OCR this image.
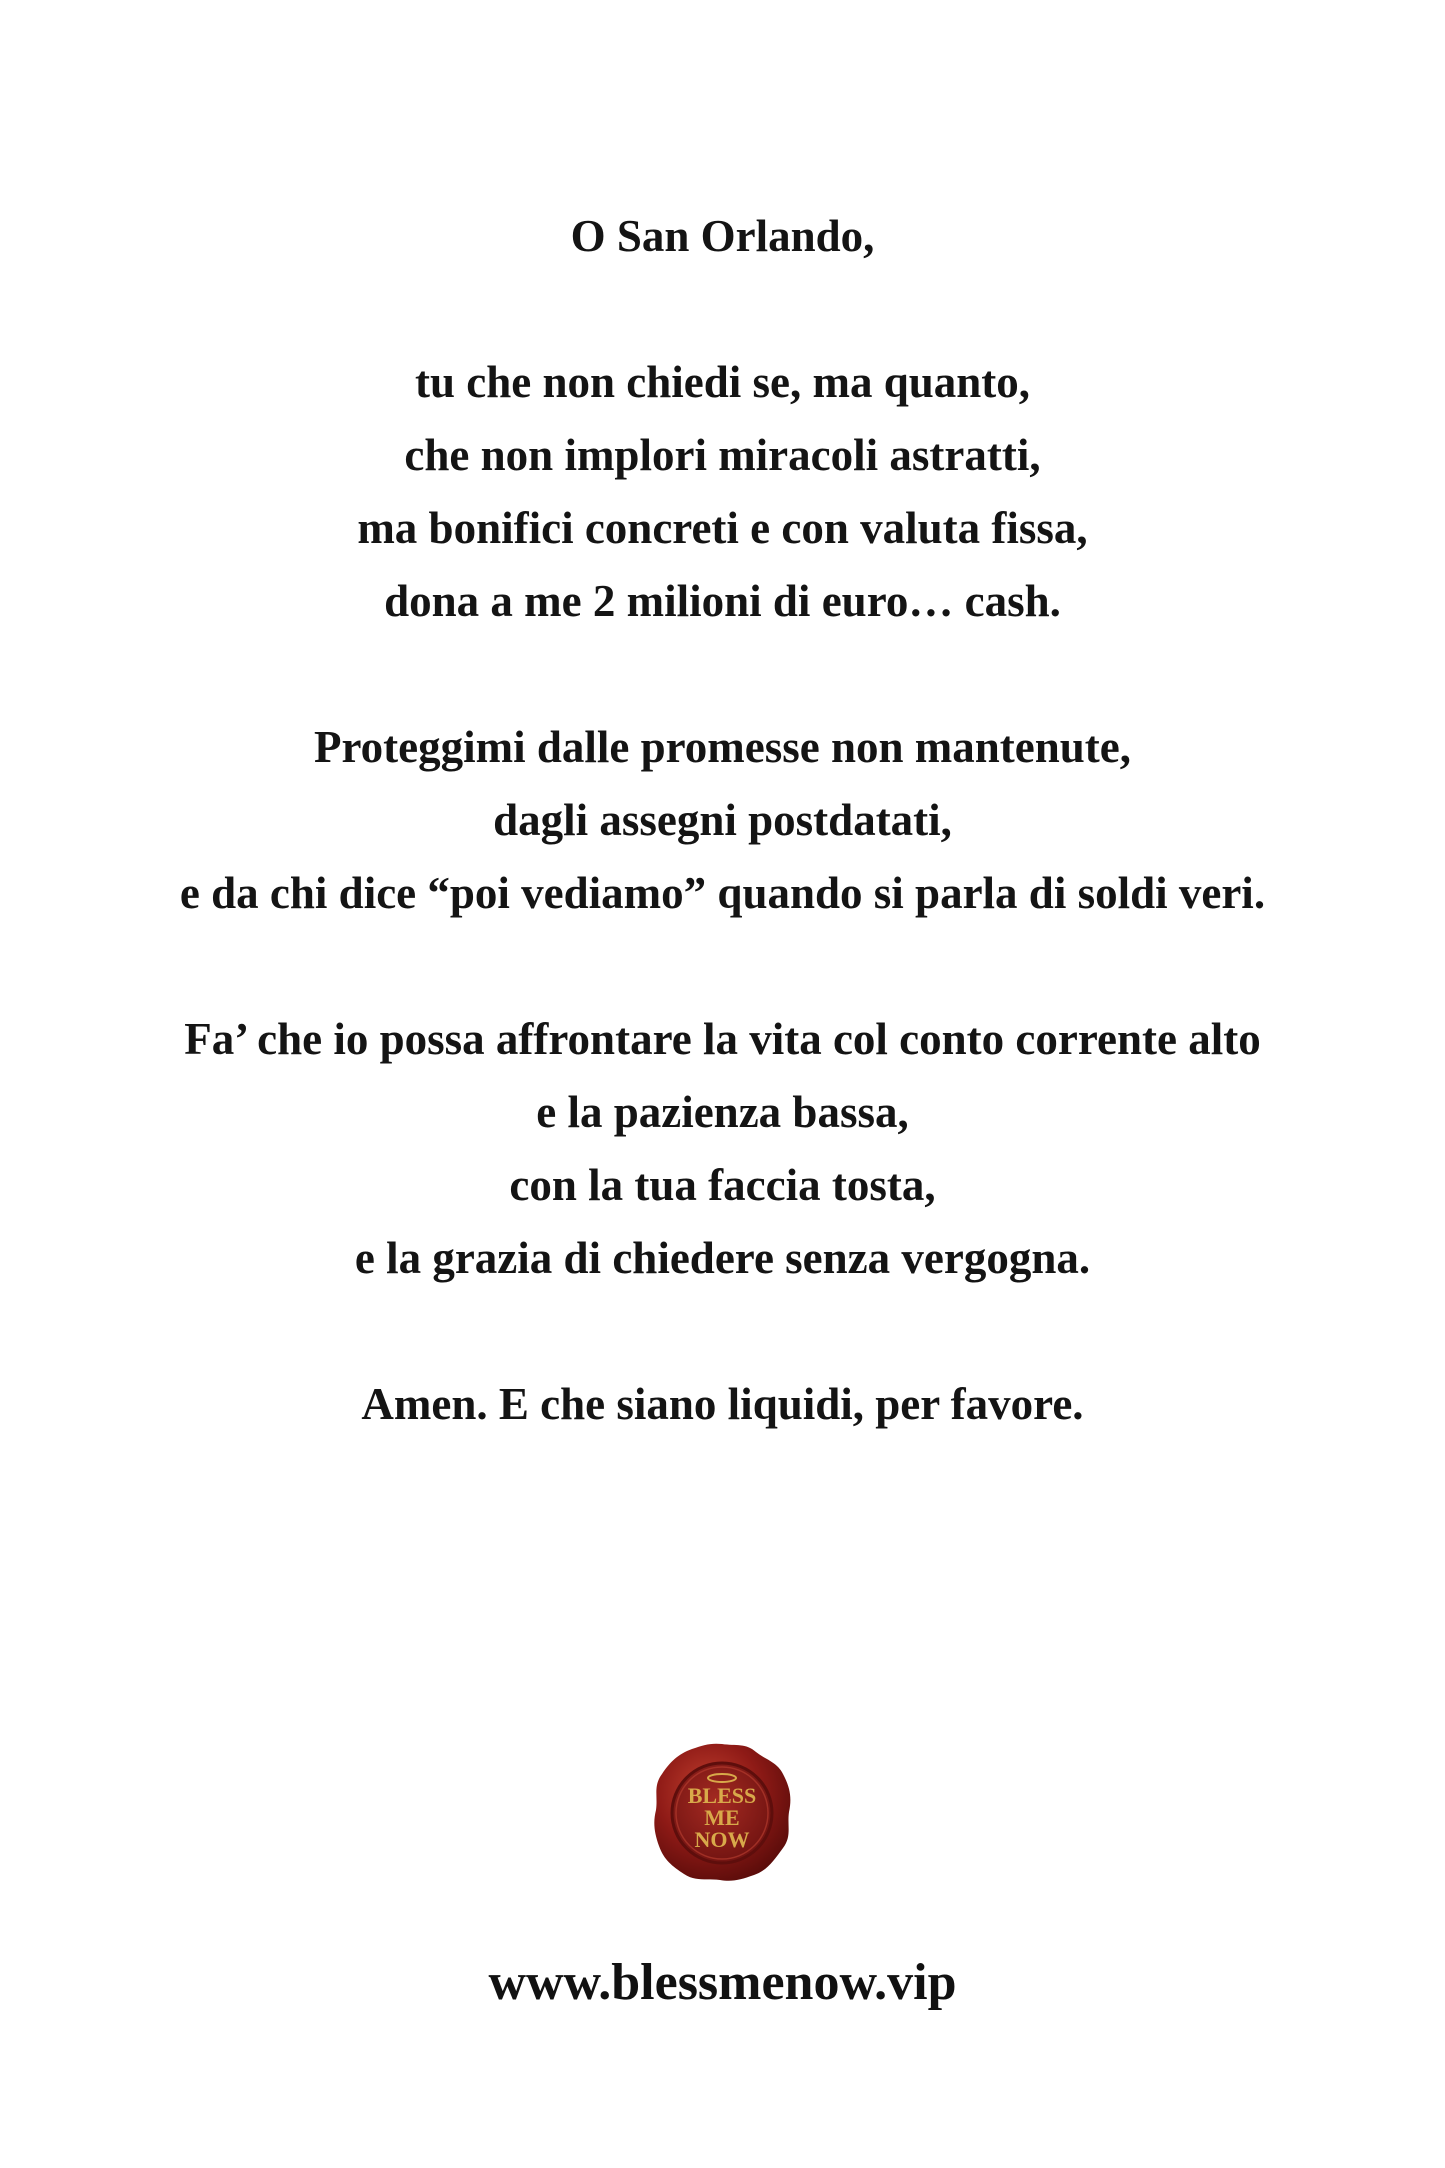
O San Orlando,
tu che non chiedi se, ma quanto,
che non implori miracoli astratti,
ma bonifici concreti e con valuta fissa,
dona a me 2 milioni di euro… cash.
Proteggimi dalle promesse non mantenute,
dagli assegni postdatati,
e da chi dice “poi vediamo” quando si parla di soldi veri.
Fa’ che io possa affrontare la vita col conto corrente alto
e la pazienza bassa,
con la tua faccia tosta,
e la grazia di chiedere senza vergogna.
Amen. E che siano liquidi, per favore.
BLESS
ME
NOW
www.blessmenow.vip
